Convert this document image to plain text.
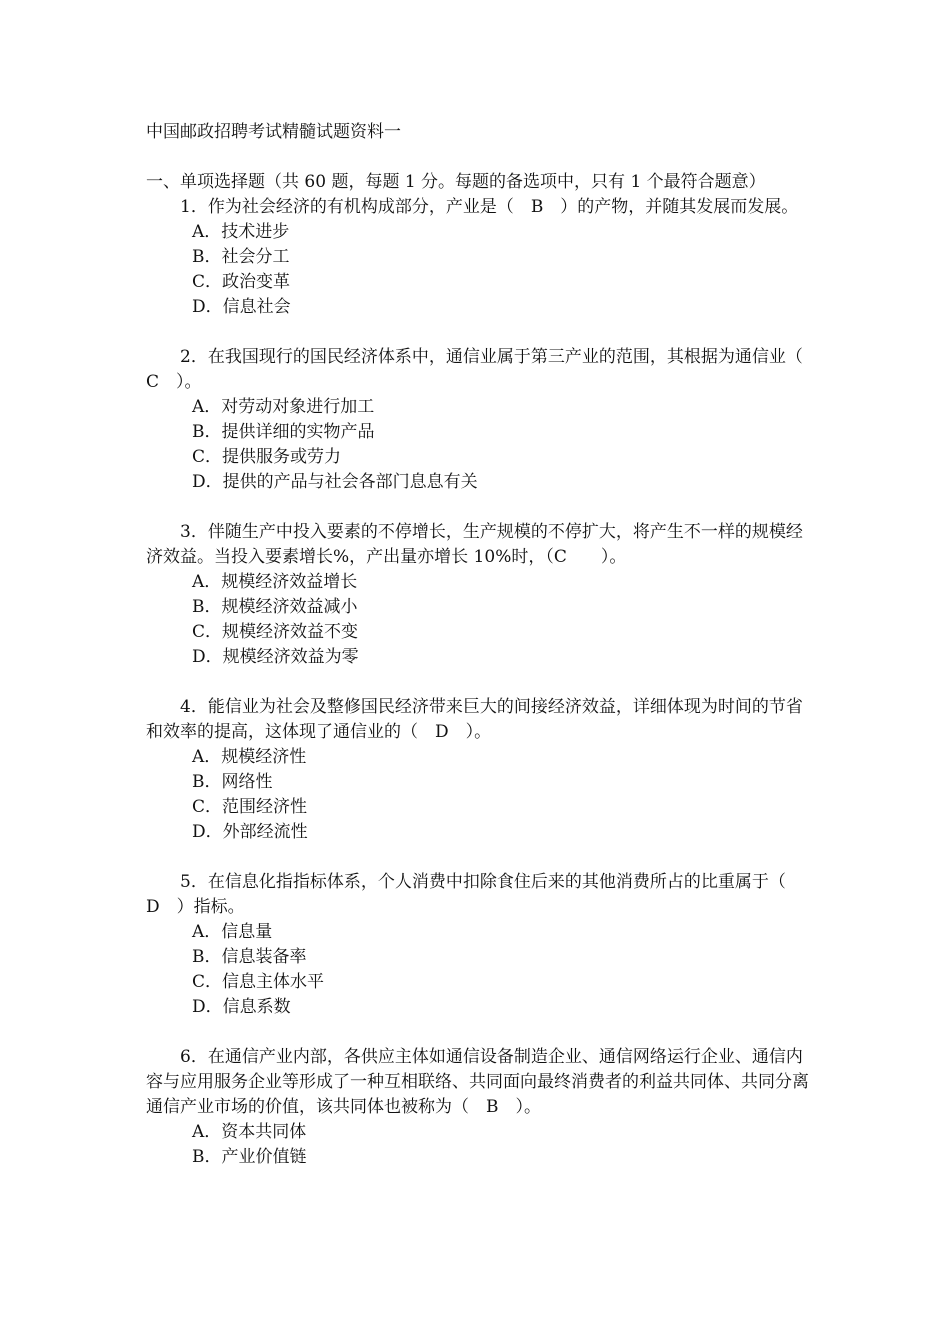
中国邮政招聘考试精髓试题资料一

一、单项选择题（共 60 题，每题 1 分。每题的备选项中，只有 1 个最符合题意）

1．作为社会经济的有机构成部分，产业是（　B　）的产物，并随其发展而发展。

A．技术进步
B．社会分工
C．政治变革
D．信息社会

2．在我国现行的国民经济体系中，通信业属于第三产业的范围，其根据为通信业（　C　）。

A．对劳动对象进行加工
B．提供详细的实物产品
C．提供服务或劳力
D．提供的产品与社会各部门息息有关

3．伴随生产中投入要素的不停增长，生产规模的不停扩大，将产生不一样的规模经济效益。当投入要素增长%，产出量亦增长 10%时，（C　　）。

A．规模经济效益增长
B．规模经济效益减小
C．规模经济效益不变
D．规模经济效益为零

4．能信业为社会及整修国民经济带来巨大的间接经济效益，详细体现为时间的节省和效率的提高，这体现了通信业的（　D　）。

A．规模经济性
B．网络性
C．范围经济性
D．外部经流性

5．在信息化指指标体系，个人消费中扣除食住后来的其他消费所占的比重属于（　D　）指标。

A．信息量
B．信息装备率
C．信息主体水平
D．信息系数

6．在通信产业内部，各供应主体如通信设备制造企业、通信网络运行企业、通信内容与应用服务企业等形成了一种互相联络、共同面向最终消费者的利益共同体、共同分离通信产业市场的价值，该共同体也被称为（　B　）。

A．资本共同体
B．产业价值链
